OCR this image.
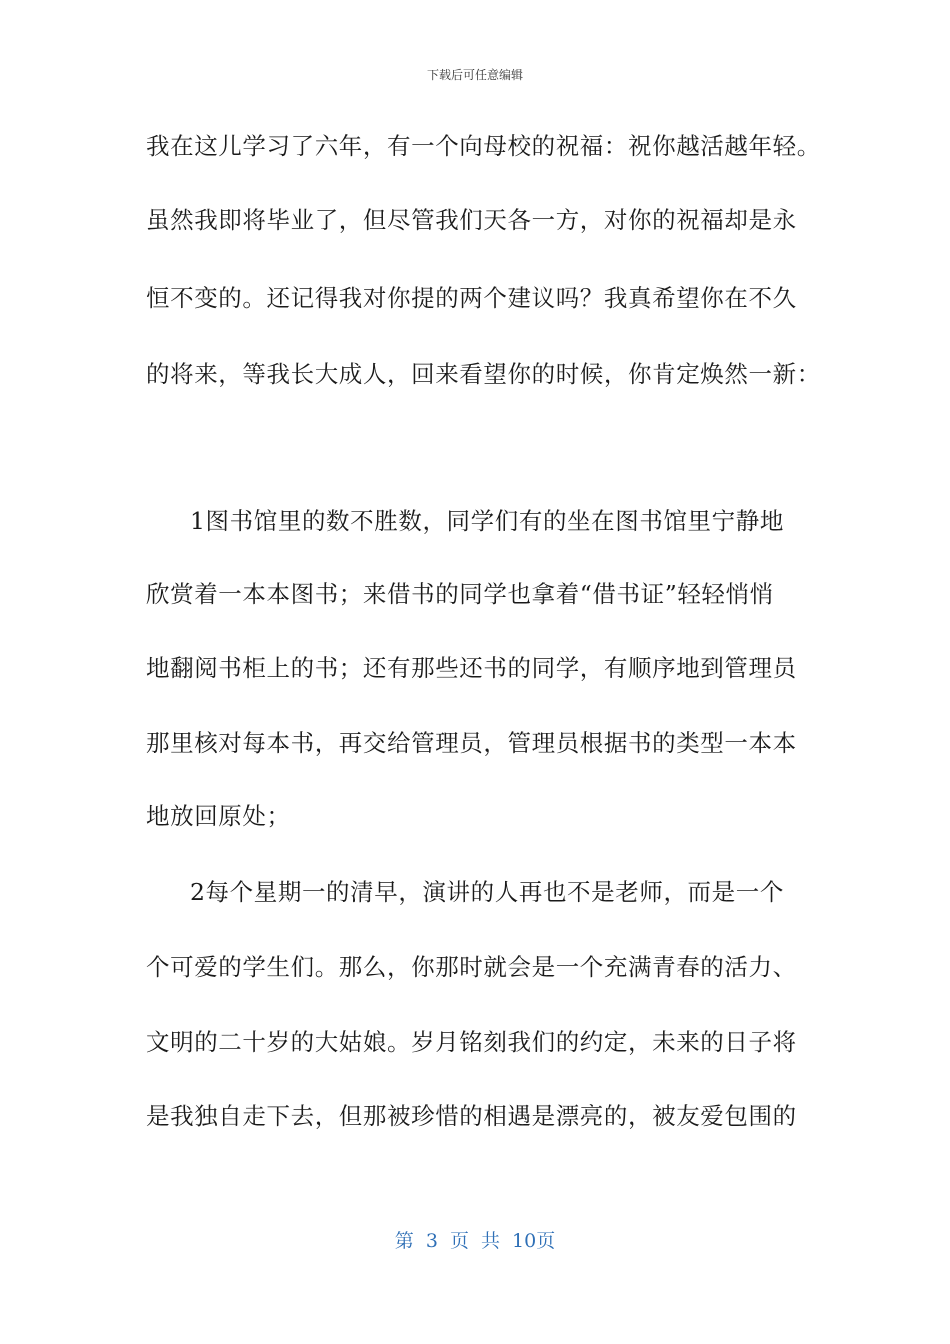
下载后可任意编辑
我在这儿学习了六年，有一个向母校的祝福：祝你越活越年轻。
虽然我即将毕业了，但尽管我们天各一方，对你的祝福却是永
恒不变的。还记得我对你提的两个建议吗？我真希望你在不久
的将来，等我长大成人，回来看望你的时候，你肯定焕然一新：
1图书馆里的数不胜数，同学们有的坐在图书馆里宁静地
欣赏着一本本图书；来借书的同学也拿着“借书证”轻轻悄悄
地翻阅书柜上的书；还有那些还书的同学，有顺序地到管理员
那里核对每本书，再交给管理员，管理员根据书的类型一本本
地放回原处；
2每个星期一的清早，演讲的人再也不是老师，而是一个
个可爱的学生们。那么，你那时就会是一个充满青春的活力、
文明的二十岁的大姑娘。岁月铭刻我们的约定，未来的日子将
是我独自走下去，但那被珍惜的相遇是漂亮的，被友爱包围的
第 3 页 共 10页
